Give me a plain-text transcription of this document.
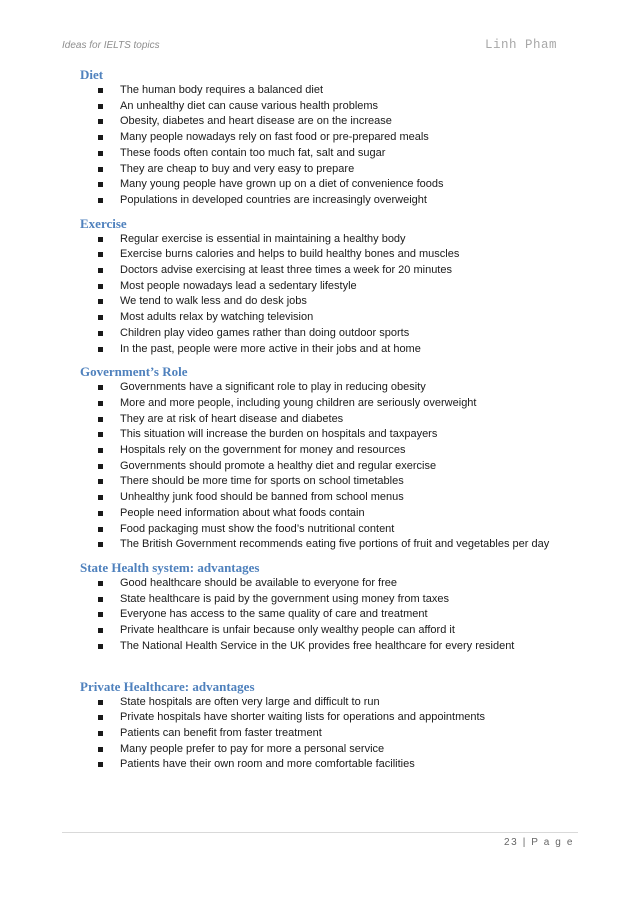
Ideas for IELTS topics	Linh Pham
Diet
The human body requires a balanced diet
An unhealthy diet can cause various health problems
Obesity, diabetes and heart disease are on the increase
Many people nowadays rely on fast food or pre-prepared meals
These foods often contain too much fat, salt and sugar
They are cheap to buy and very easy to prepare
Many young people have grown up on a diet of convenience foods
Populations in developed countries are increasingly overweight
Exercise
Regular exercise is essential in maintaining a healthy body
Exercise burns calories and helps to build healthy bones and muscles
Doctors advise exercising at least three times a week for 20 minutes
Most people nowadays lead a sedentary lifestyle
We tend to walk less and do desk jobs
Most adults relax by watching television
Children play video games rather than doing outdoor sports
In the past, people were more active in their jobs and at home
Government’s Role
Governments have a significant role to play in reducing obesity
More and more people, including young children are seriously overweight
They are at risk of heart disease and diabetes
This situation will increase the burden on hospitals and taxpayers
Hospitals rely on the government for money and resources
Governments should promote a healthy diet and regular exercise
There should be more time for sports on school timetables
Unhealthy junk food should be banned from school menus
People need information about what foods contain
Food packaging must show the food’s nutritional content
The British Government recommends eating five portions of fruit and vegetables per day
State Health system: advantages
Good healthcare should be available to everyone for free
State healthcare is paid by the government using money from taxes
Everyone has access to the same quality of care and treatment
Private healthcare is unfair because only wealthy people can afford it
The National Health Service in the UK provides free healthcare for every resident
Private Healthcare: advantages
State hospitals are often very large and difficult to run
Private hospitals have shorter waiting lists for operations and appointments
Patients can benefit from faster treatment
Many people prefer to pay for more a personal service
Patients have their own room and more comfortable facilities
23 | P a g e
